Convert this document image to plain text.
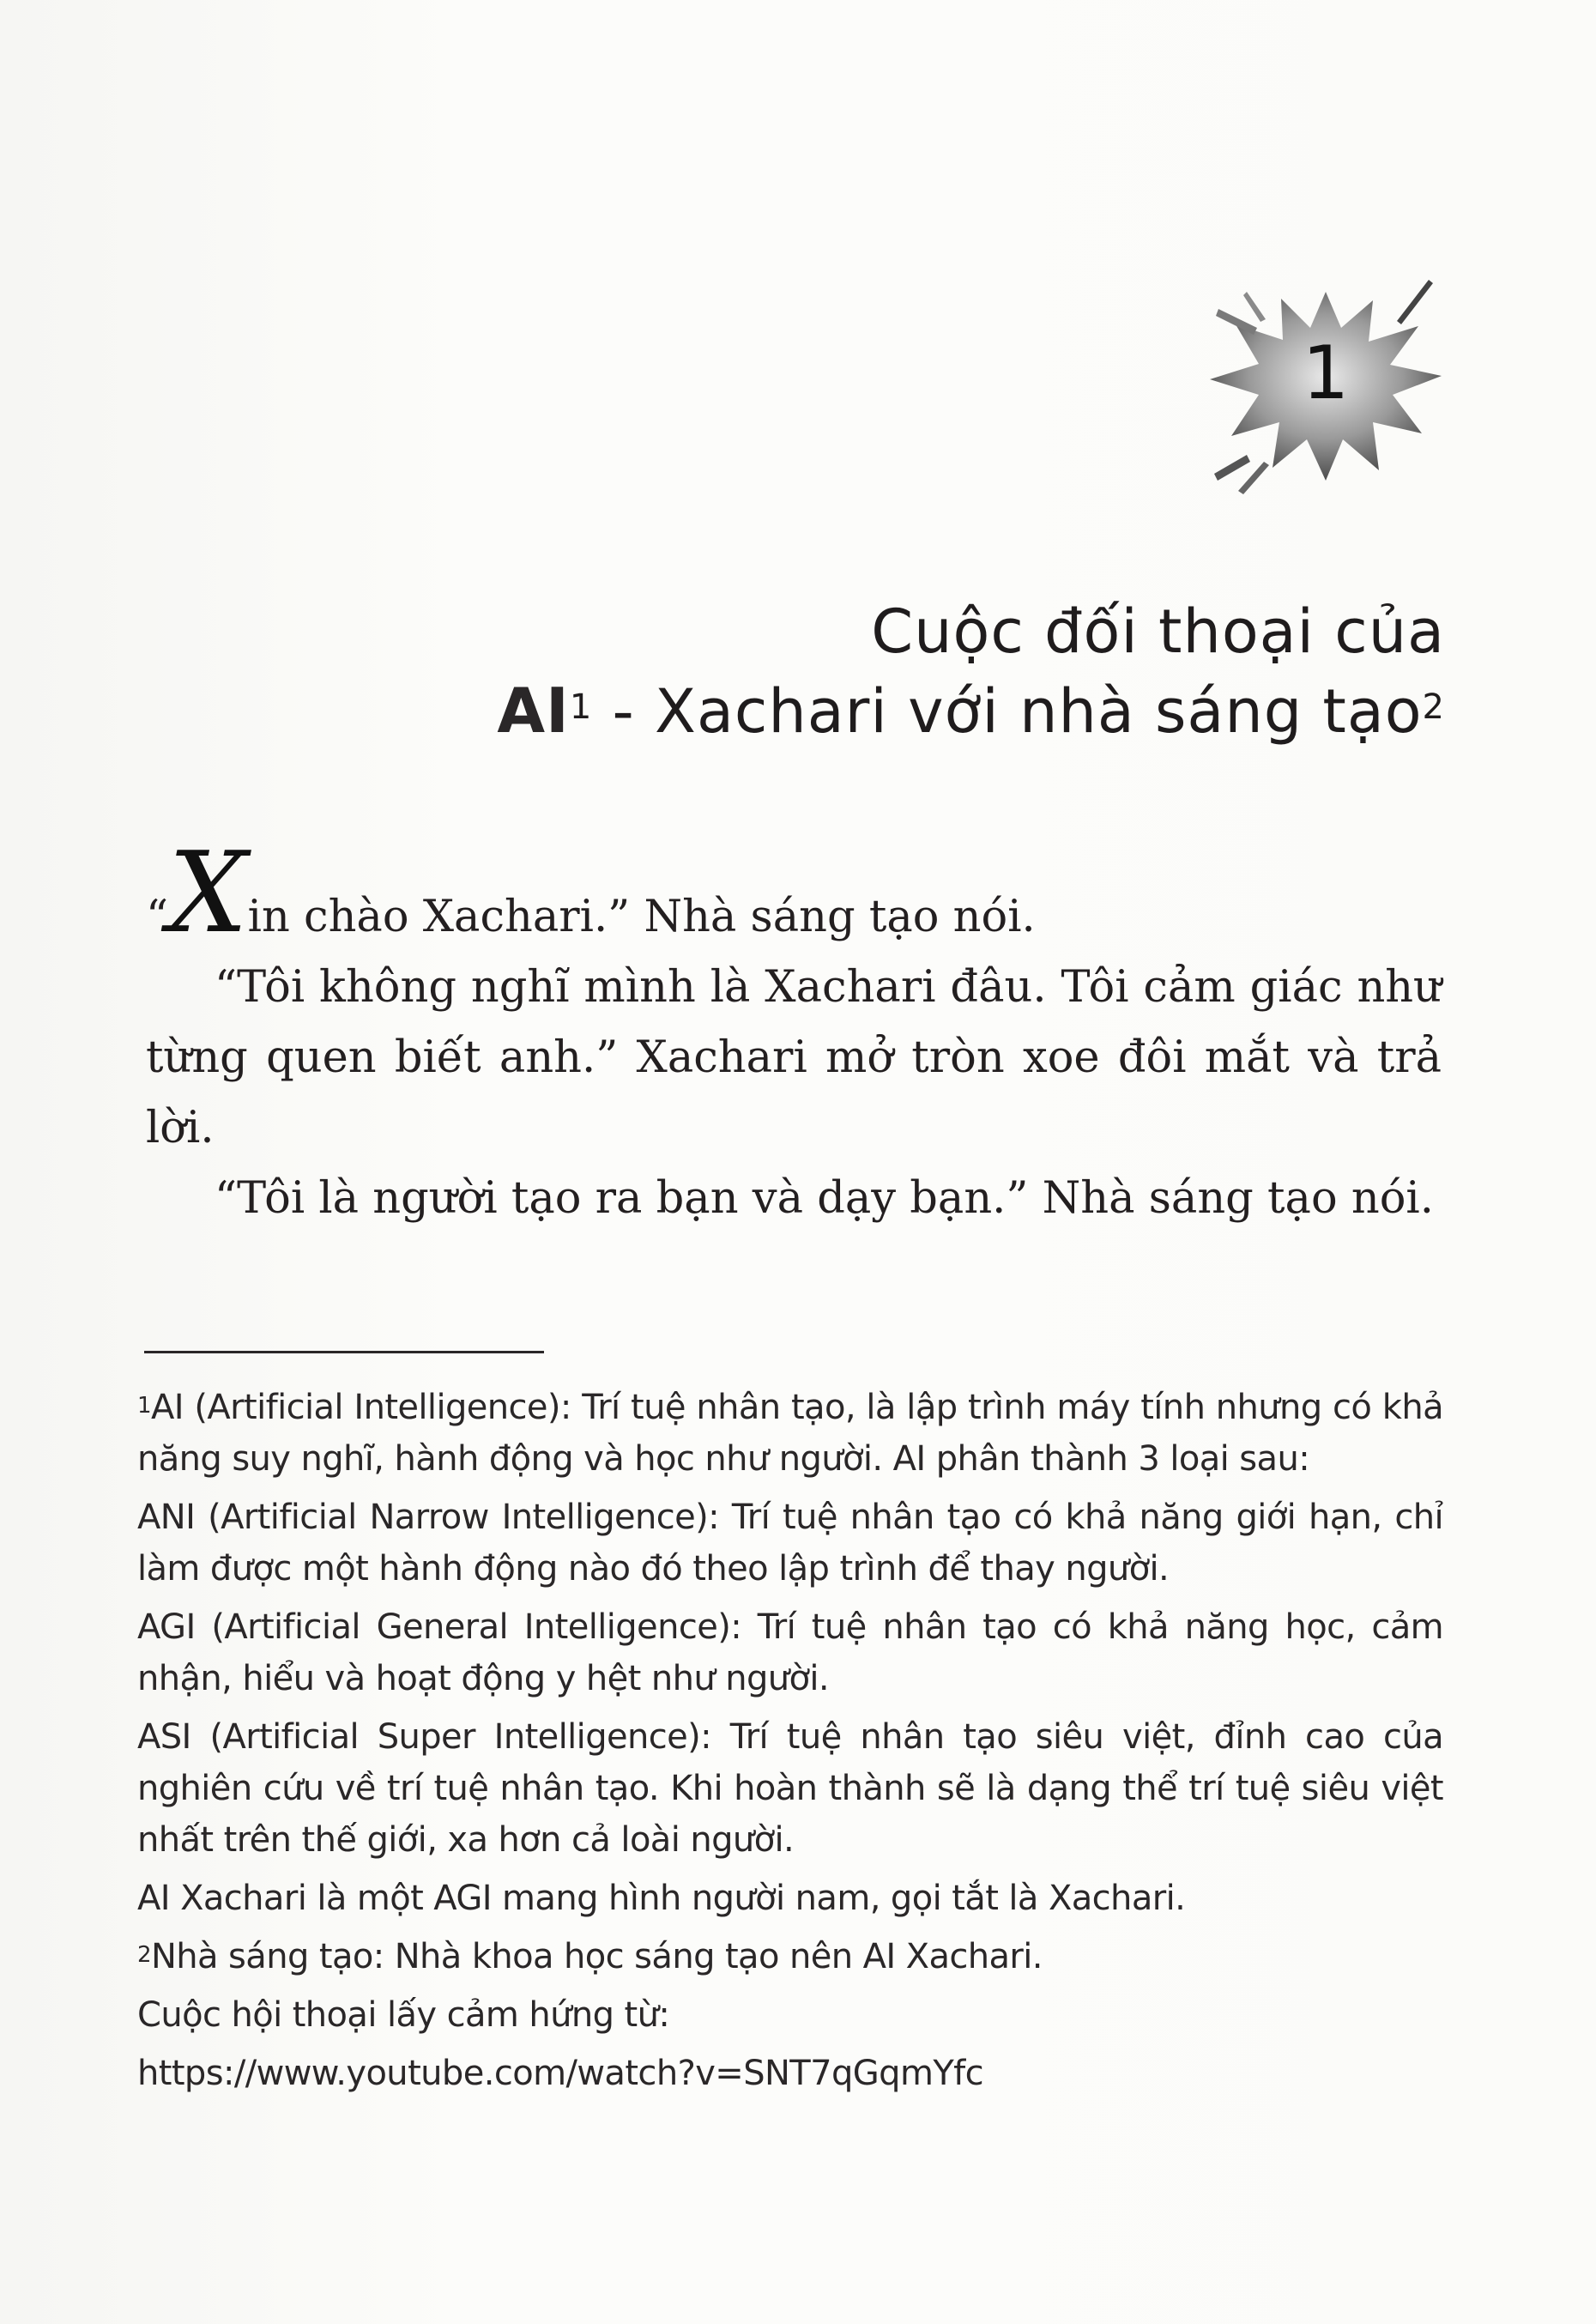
1
Cuộc đối thoại của
$AI^1$ - Xachari với nhà sáng tạo$^2$

“Xin chào Xachari.” Nhà sáng tạo nói.

“Tôi không nghĩ mình là Xachari đâu. Tôi cảm giác như từng quen biết anh.” Xachari mở tròn xoe đôi mắt và trả lời.

“Tôi là người tạo ra bạn và dạy bạn.” Nhà sáng tạo nói.

$^1$AI (Artificial Intelligence): Trí tuệ nhân tạo, là lập trình máy tính nhưng có khả năng suy nghĩ, hành động và học như người. AI phân thành 3 loại sau:

ANI (Artificial Narrow Intelligence): Trí tuệ nhân tạo có khả năng giới hạn, chỉ làm được một hành động nào đó theo lập trình để thay người.

AGI (Artificial General Intelligence): Trí tuệ nhân tạo có khả năng học, cảm nhận, hiểu và hoạt động y hệt như người.

ASI (Artificial Super Intelligence): Trí tuệ nhân tạo siêu việt, đỉnh cao của nghiên cứu về trí tuệ nhân tạo. Khi hoàn thành sẽ là dạng thể trí tuệ siêu việt nhất trên thế giới, xa hơn cả loài người.

AI Xachari là một AGI mang hình người nam, gọi tắt là Xachari.

$^2$Nhà sáng tạo: Nhà khoa học sáng tạo nên AI Xachari.

Cuộc hội thoại lấy cảm hứng từ:

https://www.youtube.com/watch?v=SNT7qGqmYfc
